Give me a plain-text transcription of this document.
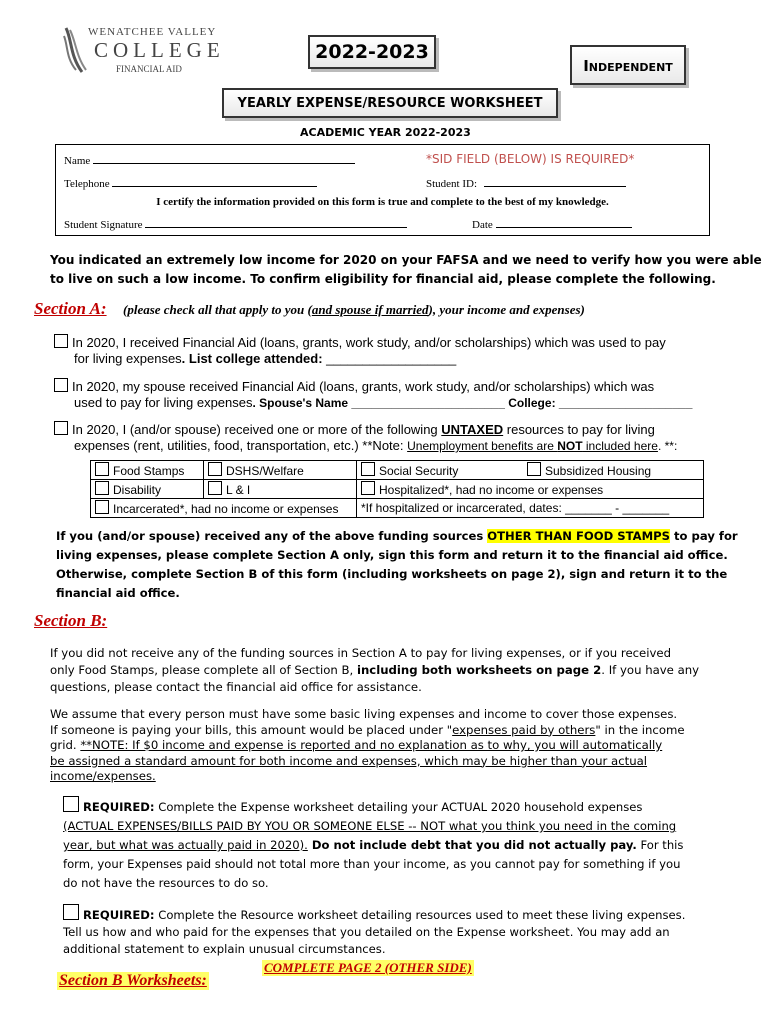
WENATCHEE VALLEY
COLLEGE
FINANCIAL AID
2022-2023
INDEPENDENT
YEARLY EXPENSE/RESOURCE WORKSHEET
ACADEMIC YEAR 2022-2023
Name	*SID FIELD (BELOW) IS REQUIRED*
Telephone	Student ID:
I certify the information provided on this form is true and complete to the best of my knowledge.
Student Signature	Date
You indicated an extremely low income for 2020 on your FAFSA and we need to verify how you were able
to live on such a low income. To confirm eligibility for financial aid, please complete the following.
Section A: (please check all that apply to you (and spouse if married), your income and expenses)
In 2020, I received Financial Aid (loans, grants, work study, and/or scholarships) which was used to pay
for living expenses. List college attended: __________________
In 2020, my spouse received Financial Aid (loans, grants, work study, and/or scholarships) which was
used to pay for living expenses. Spouse's Name _______________________ College: ____________________
In 2020, I (and/or spouse) received one or more of the following UNTAXED resources to pay for living
expenses (rent, utilities, food, transportation, etc.) **Note: Unemployment benefits are NOT included here. **:
Food Stamps	DSHS/Welfare	Social Security	Subsidized Housing
Disability	L & I	Hospitalized*, had no income or expenses	
Incarcerated*, had no income or expenses		*If hospitalized or incarcerated, dates: _______ - _______	
If you (and/or spouse) received any of the above funding sources OTHER THAN FOOD STAMPS to pay for
living expenses, please complete Section A only, sign this form and return it to the financial aid office.
Otherwise, complete Section B of this form (including worksheets on page 2), sign and return it to the
financial aid office.
Section B:
If you did not receive any of the funding sources in Section A to pay for living expenses, or if you received
only Food Stamps, please complete all of Section B, including both worksheets on page 2. If you have any
questions, please contact the financial aid office for assistance.
We assume that every person must have some basic living expenses and income to cover those expenses.
If someone is paying your bills, this amount would be placed under "expenses paid by others" in the income
grid. **NOTE: If $0 income and expense is reported and no explanation as to why, you will automatically
be assigned a standard amount for both income and expenses, which may be higher than your actual
income/expenses.
REQUIRED: Complete the Expense worksheet detailing your ACTUAL 2020 household expenses
(ACTUAL EXPENSES/BILLS PAID BY YOU OR SOMEONE ELSE -- NOT what you think you need in the coming
year, but what was actually paid in 2020). Do not include debt that you did not actually pay. For this
form, your Expenses paid should not total more than your income, as you cannot pay for something if you
do not have the resources to do so.
REQUIRED: Complete the Resource worksheet detailing resources used to meet these living expenses.
Tell us how and who paid for the expenses that you detailed on the Expense worksheet. You may add an
additional statement to explain unusual circumstances.
COMPLETE PAGE 2 (OTHER SIDE)
Section B Worksheets:
